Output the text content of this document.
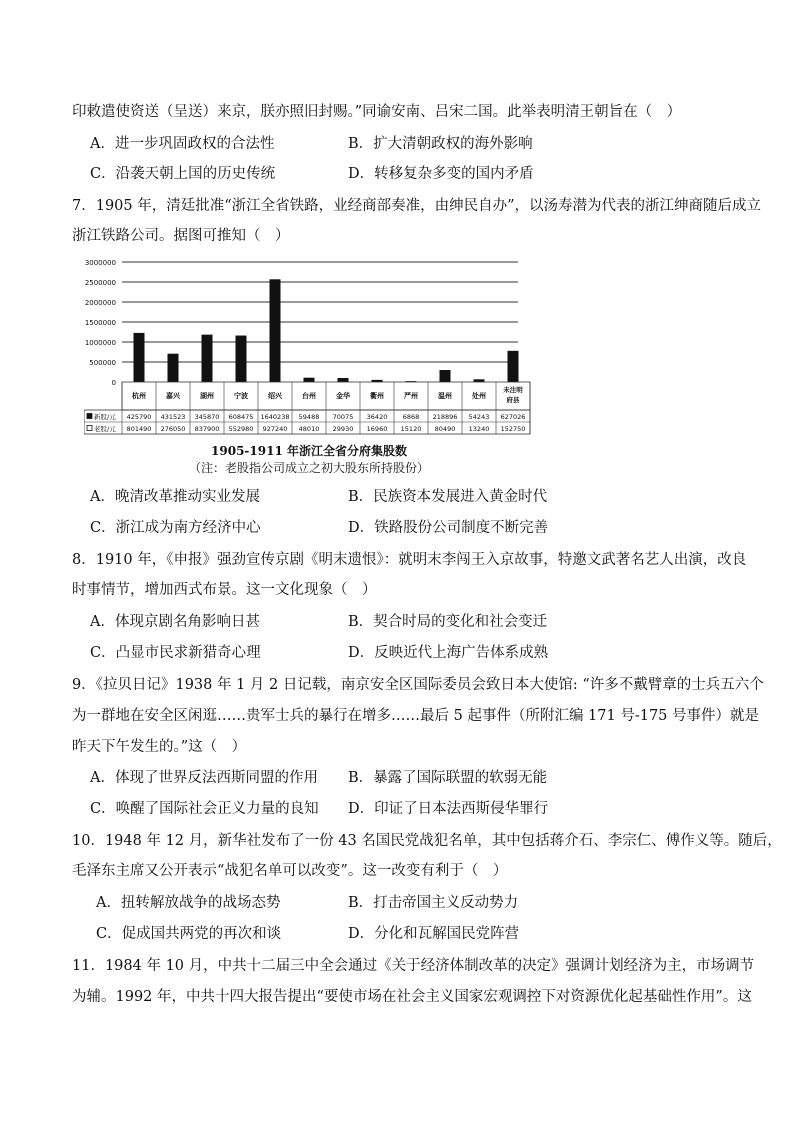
印敕遣使资送（呈送）来京，朕亦照旧封赐。”同谕安南、吕宋二国。此举表明清王朝旨在（　）
A．进一步巩固政权的合法性	B．扩大清朝政权的海外影响
C．沿袭天朝上国的历史传统	D．转移复杂多变的国内矛盾
7．1905 年，清廷批准“浙江全省铁路，业经商部奏准，由绅民自办”，以汤寿潜为代表的浙江绅商随后成立
浙江铁路公司。据图可推知（　）
3000000
2500000
2000000
1500000
1000000
500000
0
杭州	嘉兴	湖州	宁波	绍兴	台州	金华	衢州	严州	温州	处州
未注明
府县
新股/元 425790 431523 345870 608475 1640238 59488 70075 36420 6868 218896 54243 627026
老股/元 801490 276050 837900 552980 927240 48010 29930 16960 15120 80490 13240 152750
1905-1911 年浙江全省分府集股数
（注：老股指公司成立之初大股东所持股份）
A．晚清改革推动实业发展	B．民族资本发展进入黄金时代
C．浙江成为南方经济中心	D．铁路股份公司制度不断完善
8．1910 年，《申报》强劲宣传京剧《明末遗恨》：就明末李闯王入京故事，特邀文武著名艺人出演，改良
时事情节，增加西式布景。这一文化现象（　）
A．体现京剧名角影响日甚	B．契合时局的变化和社会变迁
C．凸显市民求新猎奇心理	D．反映近代上海广告体系成熟
9．《拉贝日记》1938 年 1 月 2 日记载，南京安全区国际委员会致日本大使馆: “许多不戴臂章的士兵五六个
为一群地在安全区闲逛……贵军士兵的暴行在增多……最后 5 起事件（所附汇编 171 号-175 号事件）就是
昨天下午发生的。”这（　）
A．体现了世界反法西斯同盟的作用 B．暴露了国际联盟的软弱无能
C．唤醒了国际社会正义力量的良知 D．印证了日本法西斯侵华罪行
10．1948 年 12 月，新华社发布了一份 43 名国民党战犯名单，其中包括蒋介石、李宗仁、傅作义等。随后，
毛泽东主席又公开表示“战犯名单可以改变”。这一改变有利于（　）
A．扭转解放战争的战场态势	B．打击帝国主义反动势力
C．促成国共两党的再次和谈	D．分化和瓦解国民党阵营
11．1984 年 10 月，中共十二届三中全会通过《关于经济体制改革的决定》强调计划经济为主，市场调节
为辅。1992 年，中共十四大报告提出“要使市场在社会主义国家宏观调控下对资源优化起基础性作用”。这
